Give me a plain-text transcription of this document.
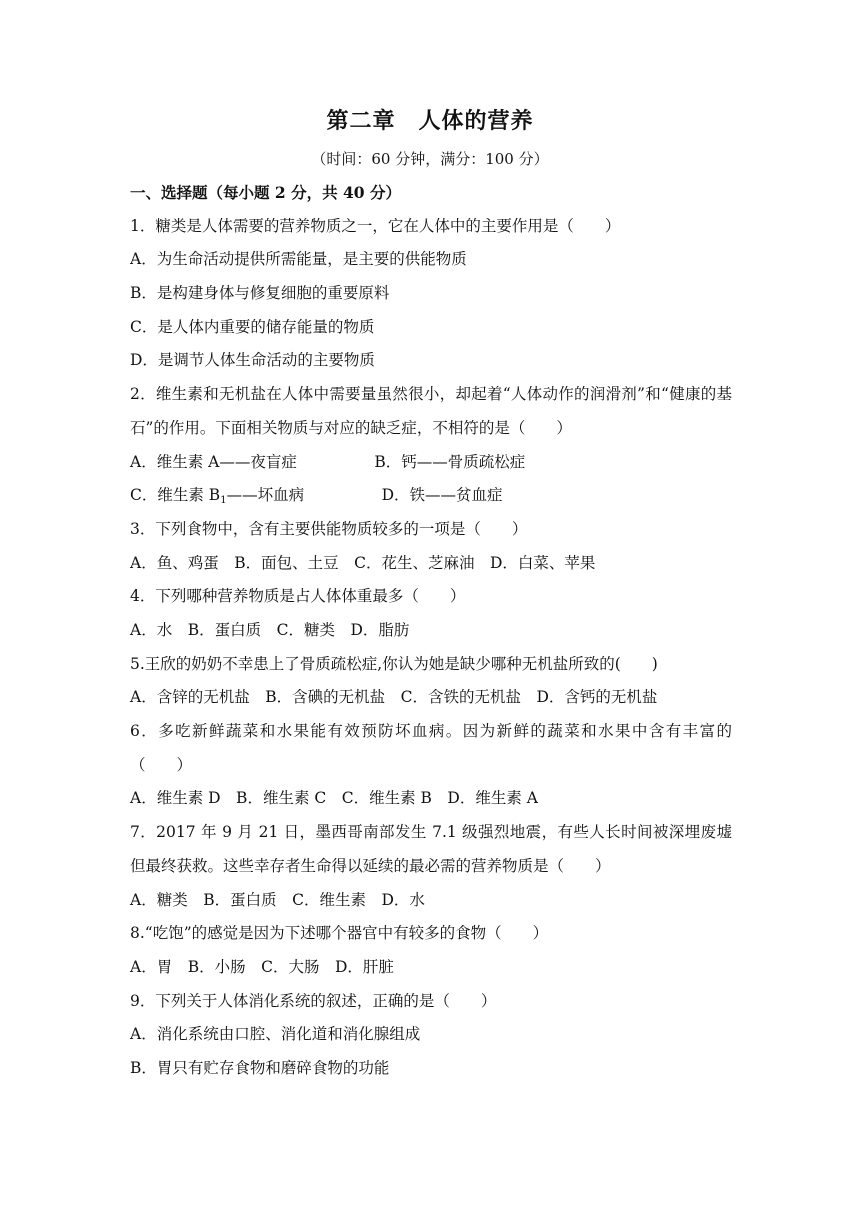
第二章　人体的营养
（时间：60 分钟，满分：100 分）
一、选择题（每小题 2 分，共 40 分）
1．糖类是人体需要的营养物质之一，它在人体中的主要作用是（　　）
A．为生命活动提供所需能量，是主要的供能物质
B．是构建身体与修复细胞的重要原料
C．是人体内重要的储存能量的物质
D．是调节人体生命活动的主要物质
2．维生素和无机盐在人体中需要量虽然很小，却起着“人体动作的润滑剂”和“健康的基石”的作用。下面相关物质与对应的缺乏症，不相符的是（　　）
A．维生素 A——夜盲症　　　　　B．钙——骨质疏松症
C．维生素 $B_1——$坏血病　　　　　D．铁——贫血症
3．下列食物中，含有主要供能物质较多的一项是（　　）
A．鱼、鸡蛋　B．面包、土豆　C．花生、芝麻油　D．白菜、苹果
4．下列哪种营养物质是占人体体重最多（　　）
A．水　B．蛋白质　C．糖类　D．脂肪
5.王欣的奶奶不幸患上了骨质疏松症,你认为她是缺少哪种无机盐所致的(　　)
A．含锌的无机盐　B．含碘的无机盐　C．含铁的无机盐　D．含钙的无机盐
6．多吃新鲜蔬菜和水果能有效预防坏血病。因为新鲜的蔬菜和水果中含有丰富的（　　）
A．维生素 D　B．维生素 C　C．维生素 B　D．维生素 A
7．2017 年 9 月 21 日，墨西哥南部发生 7.1 级强烈地震，有些人长时间被深埋废墟但最终获救。这些幸存者生命得以延续的最必需的营养物质是（　　）
A．糖类　B．蛋白质　C．维生素　D．水
8.“吃饱”的感觉是因为下述哪个器官中有较多的食物（　　）
A．胃　B．小肠　C．大肠　D．肝脏
9．下列关于人体消化系统的叙述，正确的是（　　）
A．消化系统由口腔、消化道和消化腺组成
B．胃只有贮存食物和磨碎食物的功能
